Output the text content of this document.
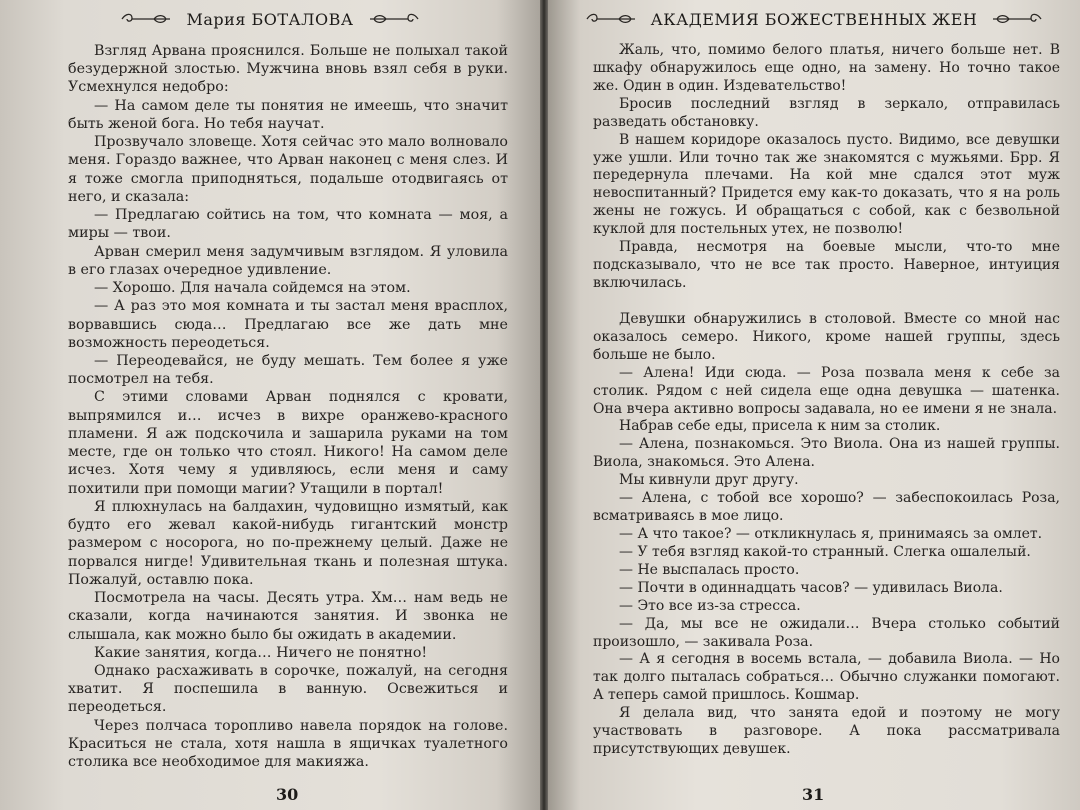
Мария БОТАЛОВА

Взгляд Арвана прояснился. Больше не полыхал такой безудержной злостью. Мужчина вновь взял себя в руки. Усмехнулся недобро:

— На самом деле ты понятия не имеешь, что значит быть женой бога. Но тебя научат.

Прозвучало зловеще. Хотя сейчас это мало волновало меня. Гораздо важнее, что Арван наконец с меня слез. И я тоже смогла приподняться, подальше отодвигаясь от него, и сказала:

— Предлагаю сойтись на том, что комната — моя, а миры — твои.

Арван смерил меня задумчивым взглядом. Я уловила в его глазах очередное удивление.

— Хорошо. Для начала сойдемся на этом.

— А раз это моя комната и ты застал меня врасплох, ворвавшись сюда… Предлагаю все же дать мне возможность переодеться.

— Переодевайся, не буду мешать. Тем более я уже посмотрел на тебя.

С этими словами Арван поднялся с кровати, выпрямился и… исчез в вихре оранжево-красного пламени. Я аж подскочила и зашарила руками на том месте, где он только что стоял. Никого! На самом деле исчез. Хотя чему я удивляюсь, если меня и саму похитили при помощи магии? Утащили в портал!

Я плюхнулась на балдахин, чудовищно измятый, как будто его жевал какой-нибудь гигантский монстр размером с носорога, но по-прежнему целый. Даже не порвался нигде! Удивительная ткань и полезная штука. Пожалуй, оставлю пока.

Посмотрела на часы. Десять утра. Хм… нам ведь не сказали, когда начинаются занятия. И звонка не слышала, как можно было бы ожидать в академии.

Какие занятия, когда… Ничего не понятно!

Однако расхаживать в сорочке, пожалуй, на сегодня хватит. Я поспешила в ванную. Освежиться и переодеться.

Через полчаса торопливо навела порядок на голове. Краситься не стала, хотя нашла в ящичках туалетного столика все необходимое для макияжа.

30
АКАДЕМИЯ БОЖЕСТВЕННЫХ ЖЕН

Жаль, что, помимо белого платья, ничего больше нет. В шкафу обнаружилось еще одно, на замену. Но точно такое же. Один в один. Издевательство!

Бросив последний взгляд в зеркало, отправилась разведать обстановку.

В нашем коридоре оказалось пусто. Видимо, все девушки уже ушли. Или точно так же знакомятся с мужьями. Брр. Я передернула плечами. На кой мне сдался этот муж невоспитанный? Придется ему как-то доказать, что я на роль жены не гожусь. И обращаться с собой, как с безвольной куклой для постельных утех, не позволю!

Правда, несмотря на боевые мысли, что-то мне подсказывало, что не все так просто. Наверное, интуиция включилась.

Девушки обнаружились в столовой. Вместе со мной нас оказалось семеро. Никого, кроме нашей группы, здесь больше не было.

— Алена! Иди сюда. — Роза позвала меня к себе за столик. Рядом с ней сидела еще одна девушка — шатенка. Она вчера активно вопросы задавала, но ее имени я не знала.

Набрав себе еды, присела к ним за столик.

— Алена, познакомься. Это Виола. Она из нашей группы. Виола, знакомься. Это Алена.

Мы кивнули друг другу.

— Алена, с тобой все хорошо? — забеспокоилась Роза, всматриваясь в мое лицо.

— А что такое? — откликнулась я, принимаясь за омлет.

— У тебя взгляд какой-то странный. Слегка ошалелый.

— Не выспалась просто.

— Почти в одиннадцать часов? — удивилась Виола.

— Это все из-за стресса.

— Да, мы все не ожидали… Вчера столько событий произошло, — закивала Роза.

— А я сегодня в восемь встала, — добавила Виола. — Но так долго пыталась собраться… Обычно служанки помогают. А теперь самой пришлось. Кошмар.

Я делала вид, что занята едой и поэтому не могу участвовать в разговоре. А пока рассматривала присутствующих девушек.

31
